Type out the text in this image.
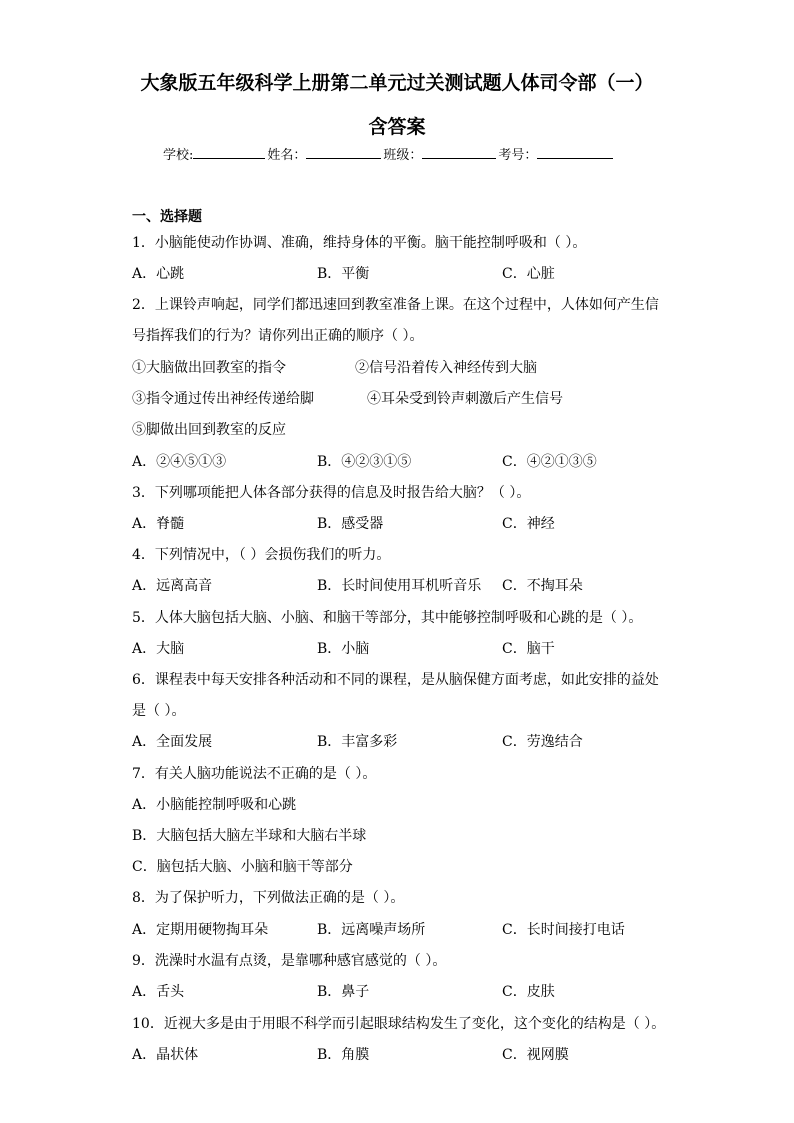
大象版五年级科学上册第二单元过关测试题人体司令部（一）
含答案
学校:	姓名：	班级：	考号：
一、选择题
1．小脑能使动作协调、准确，维持身体的平衡。脑干能控制呼吸和（ ）。
A．心跳	B．平衡	C．心脏
2．上课铃声响起，同学们都迅速回到教室准备上课。在这个过程中，人体如何产生信
号指挥我们的行为？请你列出正确的顺序（ ）。
①大脑做出回教室的指令	②信号沿着传入神经传到大脑
③指令通过传出神经传递给脚	④耳朵受到铃声刺激后产生信号
⑤脚做出回到教室的反应
A．②④⑤①③	B．④②③①⑤	C．④②①③⑤
3．下列哪项能把人体各部分获得的信息及时报告给大脑？（ ）。
A．脊髓	B．感受器	C．神经
4．下列情况中，（ ）会损伤我们的听力。
A．远离高音	B．长时间使用耳机听音乐 C．不掏耳朵
5．人体大脑包括大脑、小脑、和脑干等部分，其中能够控制呼吸和心跳的是（ ）。
A．大脑	B．小脑	C．脑干
6．课程表中每天安排各种活动和不同的课程，是从脑保健方面考虑，如此安排的益处
是（ ）。
A．全面发展	B．丰富多彩	C．劳逸结合
7．有关人脑功能说法不正确的是（ ）。
A．小脑能控制呼吸和心跳
B．大脑包括大脑左半球和大脑右半球
C．脑包括大脑、小脑和脑干等部分
8．为了保护听力，下列做法正确的是（ ）。
A．定期用硬物掏耳朵	B．远离噪声场所	C．长时间接打电话
9．洗澡时水温有点烫，是靠哪种感官感觉的（ ）。
A．舌头	B．鼻子	C．皮肤
10．近视大多是由于用眼不科学而引起眼球结构发生了变化，这个变化的结构是（ ）。
A．晶状体	B．角膜	C．视网膜
